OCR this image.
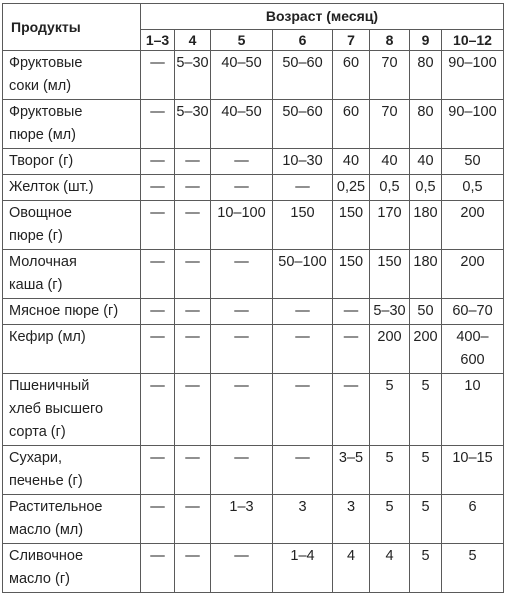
Продукты	Возраст (месяц)							
	1–3	4	5	6	7	8	9	10–12
Фруктовые
соки (мл)	—	5–30	40–50	50–60	60	70	80	90–100
Фруктовые
пюре (мл)	—	5–30	40–50	50–60	60	70	80	90–100
Творог (г)	—	—	—	10–30	40	40	40	50
Желток (шт.)	—	—	—	—	0,25	0,5	0,5	0,5
Овощное
пюре (г)	—	—	10–100	150	150	170	180	200
Молочная
каша (г)	—	—	—	50–100	150	150	180	200
Мясное пюре (г)	—	—	—	—	—	5–30	50	60–70
Кефир (мл)	—	—	—	—	—	200	200	400–
600
Пшеничный
хлеб высшего
сорта (г)	—	—	—	—	—	5	5	10
Сухари,
печенье (г)	—	—	—	—	3–5	5	5	10–15
Растительное
масло (мл)	—	—	1–3	3	3	5	5	6
Сливочное
масло (г)	—	—	—	1–4	4	4	5	5
